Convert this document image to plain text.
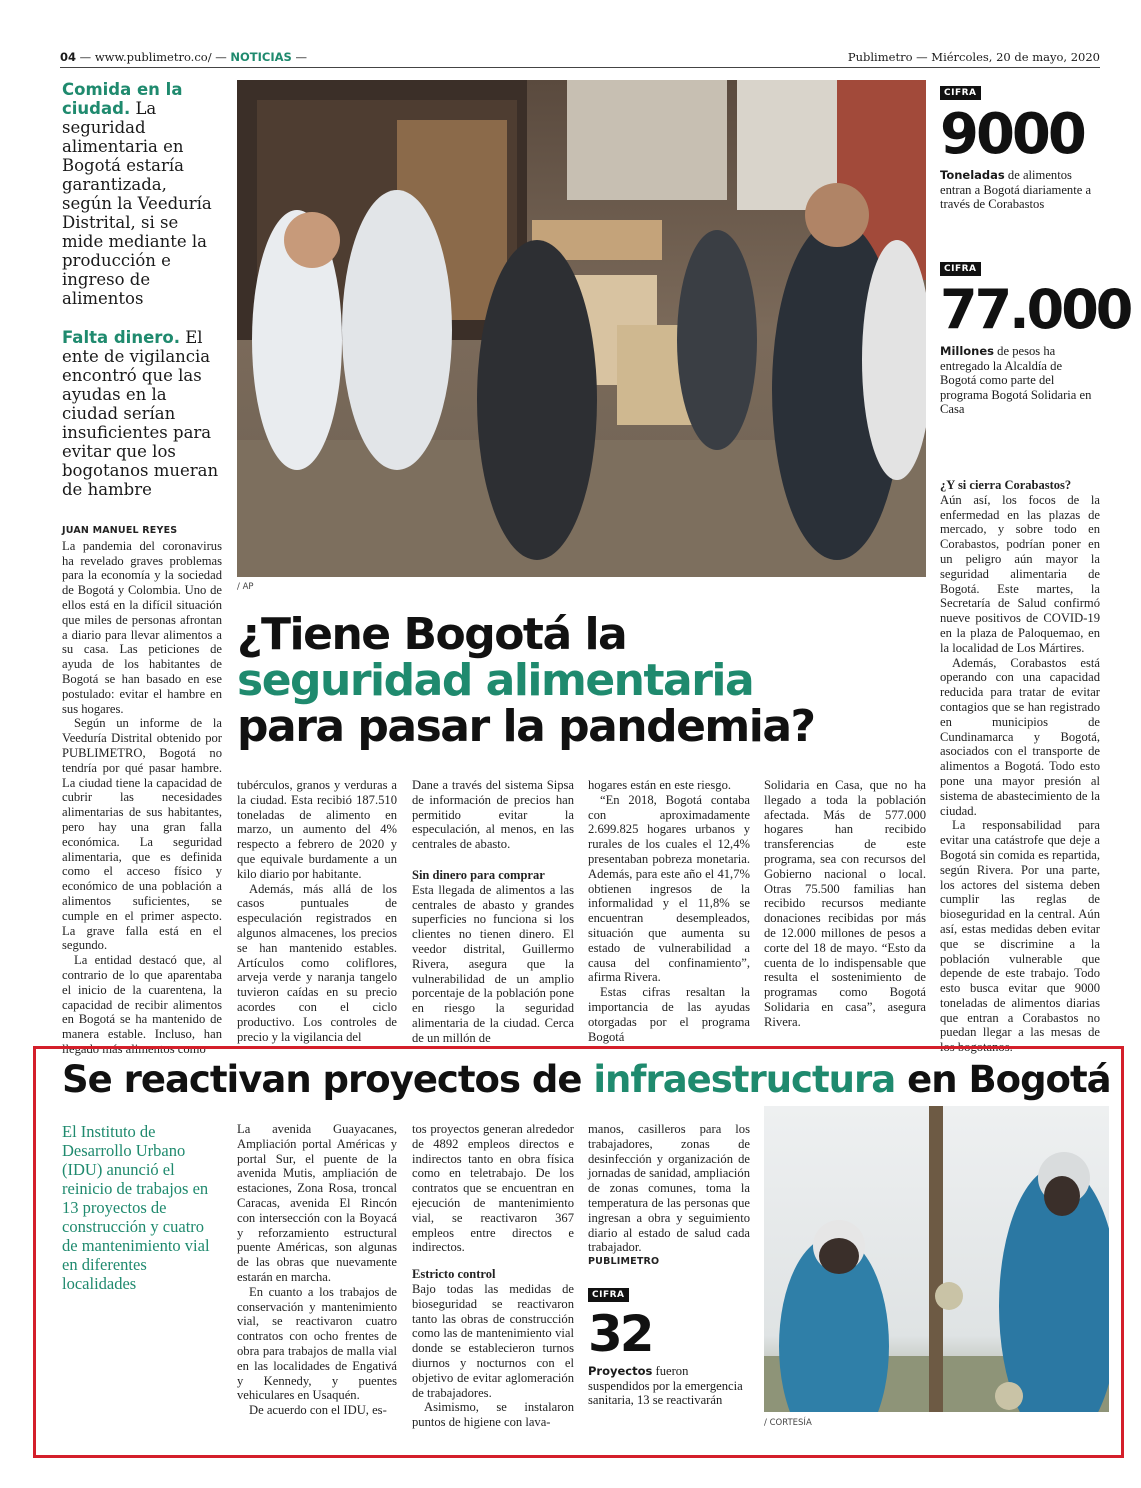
04 — www.publimetro.co/ — NOTICIAS —	Publimetro — Miércoles, 20 de mayo, 2020
Comida en la ciudad. La seguridad alimentaria en Bogotá estaría garantizada, según la Veeduría Distrital, si se mide mediante la producción e ingreso de alimentos
Falta dinero. El ente de vigilancia encontró que las ayudas en la ciudad serían insuficientes para evitar que los bogotanos mueran de hambre
/ AP
CIFRA
9000
Toneladas de alimentos entran a Bogotá diariamente a través de Corabastos
CIFRA
77.000
Millones de pesos ha entregado la Alcaldía de Bogotá como parte del programa Bogotá Solidaria en Casa
¿Y si cierra Corabastos?

Aún así, los focos de la enfermedad en las plazas de mercado, y sobre todo en Corabastos, podrían poner en un peligro aún mayor la seguridad alimentaria de Bogotá. Este martes, la Secretaría de Salud confirmó nueve positivos de COVID-19 en la plaza de Paloquemao, en la localidad de Los Mártires.

Además, Corabastos está operando con una capacidad reducida para tratar de evitar contagios que se han registrado en municipios de Cundinamarca y Bogotá, asociados con el transporte de alimentos a Bogotá. Todo esto pone una mayor presión al sistema de abastecimiento de la ciudad.

La responsabilidad para evitar una catástrofe que deje a Bogotá sin comida es repartida, según Rivera. Por una parte, los actores del sistema deben cumplir las reglas de bioseguridad en la central. Aún así, estas medidas deben evitar que se discrimine a la población vulnerable que depende de este trabajo. Todo esto busca evitar que 9000 toneladas de alimentos diarias que entran a Corabastos no puedan llegar a las mesas de los bogotanos.

JUAN MANUEL REYES

La pandemia del coronavirus ha revelado graves problemas para la economía y la sociedad de Bogotá y Colombia. Uno de ellos está en la difícil situación que miles de personas afrontan a diario para llevar alimentos a su casa. Las peticiones de ayuda de los habitantes de Bogotá se han basado en ese postulado: evitar el hambre en sus hogares.

Según un informe de la Veeduría Distrital obtenido por PUBLIMETRO, Bogotá no tendría por qué pasar hambre. La ciudad tiene la capacidad de cubrir las necesidades alimentarias de sus habitantes, pero hay una gran falla económica. La seguridad alimentaria, que es definida como el acceso físico y económico de una población a alimentos suficientes, se cumple en el primer aspecto. La grave falla está en el segundo.

La entidad destacó que, al contrario de lo que aparentaba el inicio de la cuarentena, la capacidad de recibir alimentos en Bogotá se ha mantenido de manera estable. Incluso, han llegado más alimentos como

¿Tiene Bogotá la
seguridad alimentaria
para pasar la pandemia?

tubérculos, granos y verduras a la ciudad. Esta recibió 187.510 toneladas de alimento en marzo, un aumento del 4% respecto a febrero de 2020 y que equivale burdamente a un kilo diario por habitante.

Además, más allá de los casos puntuales de especulación registrados en algunos almacenes, los precios se han mantenido estables. Artículos como coliflores, arveja verde y naranja tangelo tuvieron caídas en su precio acordes con el ciclo productivo. Los controles de precio y la vigilancia del

Dane a través del sistema Sipsa de información de precios han permitido evitar la especulación, al menos, en las centrales de abasto.

Sin dinero para comprar

Esta llegada de alimentos a las centrales de abasto y grandes superficies no funciona si los clientes no tienen dinero. El veedor distrital, Guillermo Rivera, asegura que la vulnerabilidad de un amplio porcentaje de la población pone en riesgo la seguridad alimentaria de la ciudad. Cerca de un millón de

hogares están en este riesgo.

“En 2018, Bogotá contaba con aproximadamente 2.699.825 hogares urbanos y rurales de los cuales el 12,4% presentaban pobreza monetaria. Además, para este año el 41,7% obtienen ingresos de la informalidad y el 11,8% se encuentran desempleados, situación que aumenta su estado de vulnerabilidad a causa del confinamiento”, afirma Rivera.

Estas cifras resaltan la importancia de las ayudas otorgadas por el programa Bogotá

Solidaria en Casa, que no ha llegado a toda la población afectada. Más de 577.000 hogares han recibido transferencias de este programa, sea con recursos del Gobierno nacional o local. Otras 75.500 familias han recibido recursos mediante donaciones recibidas por más de 12.000 millones de pesos a corte del 18 de mayo. “Esto da cuenta de lo indispensable que resulta el sostenimiento de programas como Bogotá Solidaria en casa”, asegura Rivera.

Se reactivan proyectos de infraestructura en Bogotá
El Instituto de Desarrollo Urbano (IDU) anunció el reinicio de trabajos en 13 proyectos de construcción y cuatro de mantenimiento vial en diferentes localidades

La avenida Guayacanes, Ampliación portal Américas y portal Sur, el puente de la avenida Mutis, ampliación de estaciones, Zona Rosa, troncal Caracas, avenida El Rincón con intersección con la Boyacá y reforzamiento estructural puente Américas, son algunas de las obras que nuevamente estarán en marcha.

En cuanto a los trabajos de conservación y mantenimiento vial, se reactivaron cuatro contratos con ocho frentes de obra para trabajos de malla vial en las localidades de Engativá y Kennedy, y puentes vehiculares en Usaquén.

De acuerdo con el IDU, es-

tos proyectos generan alrededor de 4892 empleos directos e indirectos tanto en obra física como en teletrabajo. De los contratos que se encuentran en ejecución de mantenimiento vial, se reactivaron 367 empleos entre directos e indirectos.

Estricto control

Bajo todas las medidas de bioseguridad se reactivaron tanto las obras de construcción como las de mantenimiento vial donde se establecieron turnos diurnos y nocturnos con el objetivo de evitar aglomeración de trabajadores.

Asimismo, se instalaron puntos de higiene con lava-

manos, casilleros para los trabajadores, zonas de desinfección y organización de jornadas de sanidad, ampliación de zonas comunes, toma la temperatura de las personas que ingresan a obra y seguimiento diario al estado de salud cada trabajador.

PUBLIMETRO
CIFRA
32
Proyectos fueron suspendidos por la emergencia sanitaria, 13 se reactivarán
/ CORTESÍA
